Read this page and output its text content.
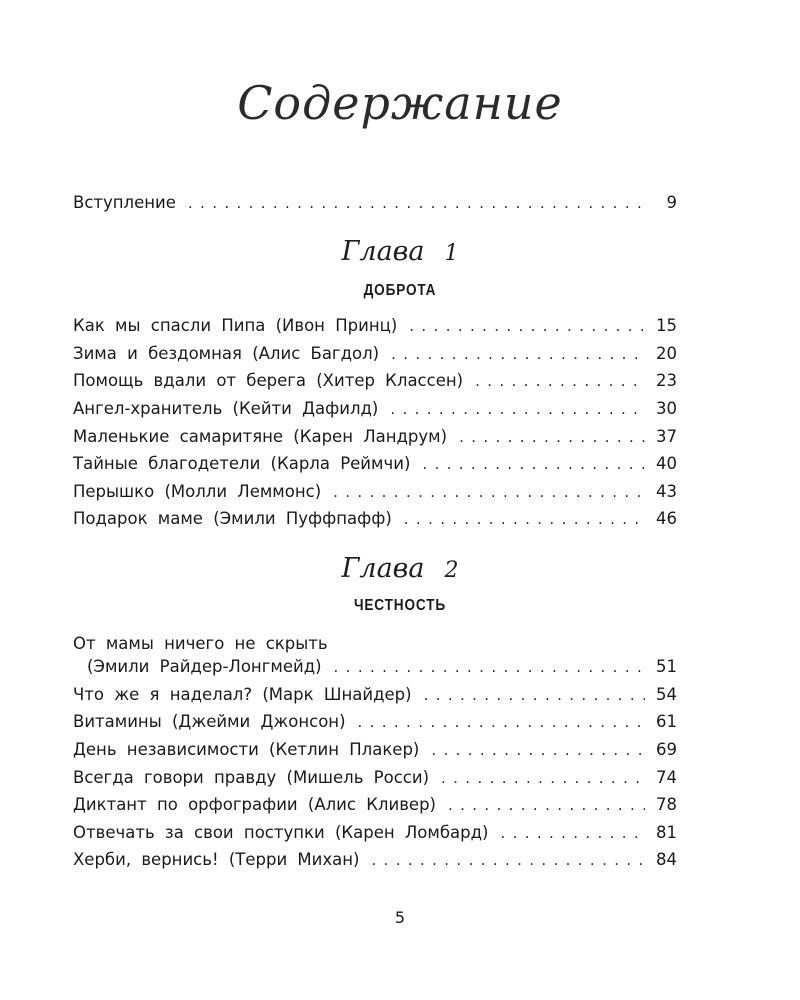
Содержание
Вступление . . .	9
Глава 1
ДОБРОТА
Как мы спасли Пипа (Ивон Принц) . . .	15
Зима и бездомная (Алис Багдол) . . .	20
Помощь вдали от берега (Хитер Классен) . . .	23
Ангел-хранитель (Кейти Дафилд) . . .	30
Маленькие самаритяне (Карен Ландрум) . . .	37
Тайные благодетели (Карла Реймчи) . . .	40
Перышко (Молли Леммонс) . . .	43
Подарок маме (Эмили Пуффпафф) . . .	46
Глава 2
ЧЕСТНОСТЬ
От мамы ничего не скрыть
(Эмили Райдер-Лонгмейд) . . .	51
Что же я наделал? (Марк Шнайдер) . . .	54
Витамины (Джейми Джонсон) . . .	61
День независимости (Кетлин Плакер) . . .	69
Всегда говори правду (Мишель Росси) . . .	74
Диктант по орфографии (Алис Кливер) . . .	78
Отвечать за свои поступки (Карен Ломбард) . . .	81
Херби, вернись! (Терри Михан) . . .	84
5
